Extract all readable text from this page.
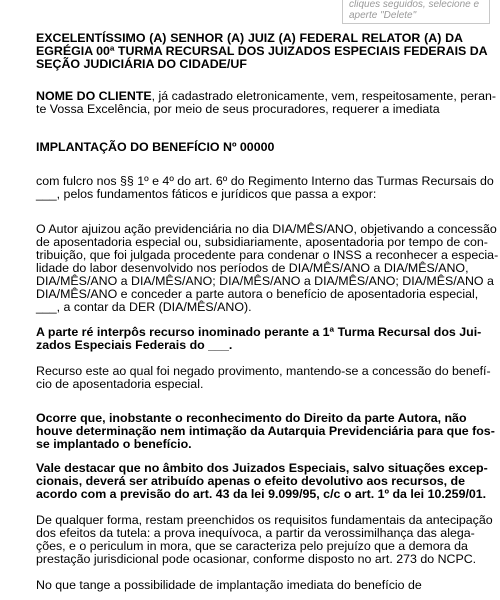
cliques seguidos, selecione e
aperte "Delete"

EXCELENTÍSSIMO (A) SENHOR (A) JUIZ (A) FEDERAL RELATOR (A) DA
EGRÉGIA 00ª TURMA RECURSAL DOS JUIZADOS ESPECIAIS FEDERAIS DA
SEÇÃO JUDICIÁRIA DO CIDADE/UF

NOME DO CLIENTE, já cadastrado eletronicamente, vem, respeitosamente, peran-
te Vossa Excelência, por meio de seus procuradores, requerer a imediata

IMPLANTAÇÃO DO BENEFÍCIO Nº 00000

com fulcro nos §§ 1º e 4º do art. 6º do Regimento Interno das Turmas Recursais do
___, pelos fundamentos fáticos e jurídicos que passa a expor:

O Autor ajuizou ação previdenciária no dia DIA/MÊS/ANO, objetivando a concessão
de aposentadoria especial ou, subsidiariamente, aposentadoria por tempo de con-
tribuição, que foi julgada procedente para condenar o INSS a reconhecer a especia-
lidade do labor desenvolvido nos períodos de DIA/MÊS/ANO a DIA/MÊS/ANO,
DIA/MÊS/ANO a DIA/MÊS/ANO; DIA/MÊS/ANO a DIA/MÊS/ANO; DIA/MÊS/ANO a
DIA/MÊS/ANO e conceder a parte autora o benefício de aposentadoria especial,
___, a contar da DER (DIA/MÊS/ANO).

A parte ré interpôs recurso inominado perante a 1ª Turma Recursal dos Jui-
zados Especiais Federais do ___.

Recurso este ao qual foi negado provimento, mantendo-se a concessão do benefí-
cio de aposentadoria especial.

Ocorre que, inobstante o reconhecimento do Direito da parte Autora, não
houve determinação nem intimação da Autarquia Previdenciária para que fos-
se implantado o benefício.

Vale destacar que no âmbito dos Juizados Especiais, salvo situações excep-
cionais, deverá ser atribuído apenas o efeito devolutivo aos recursos, de
acordo com a previsão do art. 43 da lei 9.099/95, c/c o art. 1º da lei 10.259/01.

De qualquer forma, restam preenchidos os requisitos fundamentais da antecipação
dos efeitos da tutela: a prova inequívoca, a partir da verossimilhança das alega-
ções, e o periculum in mora, que se caracteriza pelo prejuízo que a demora da
prestação jurisdicional pode ocasionar, conforme disposto no art. 273 do NCPC.

No que tange a possibilidade de implantação imediata do benefício de
